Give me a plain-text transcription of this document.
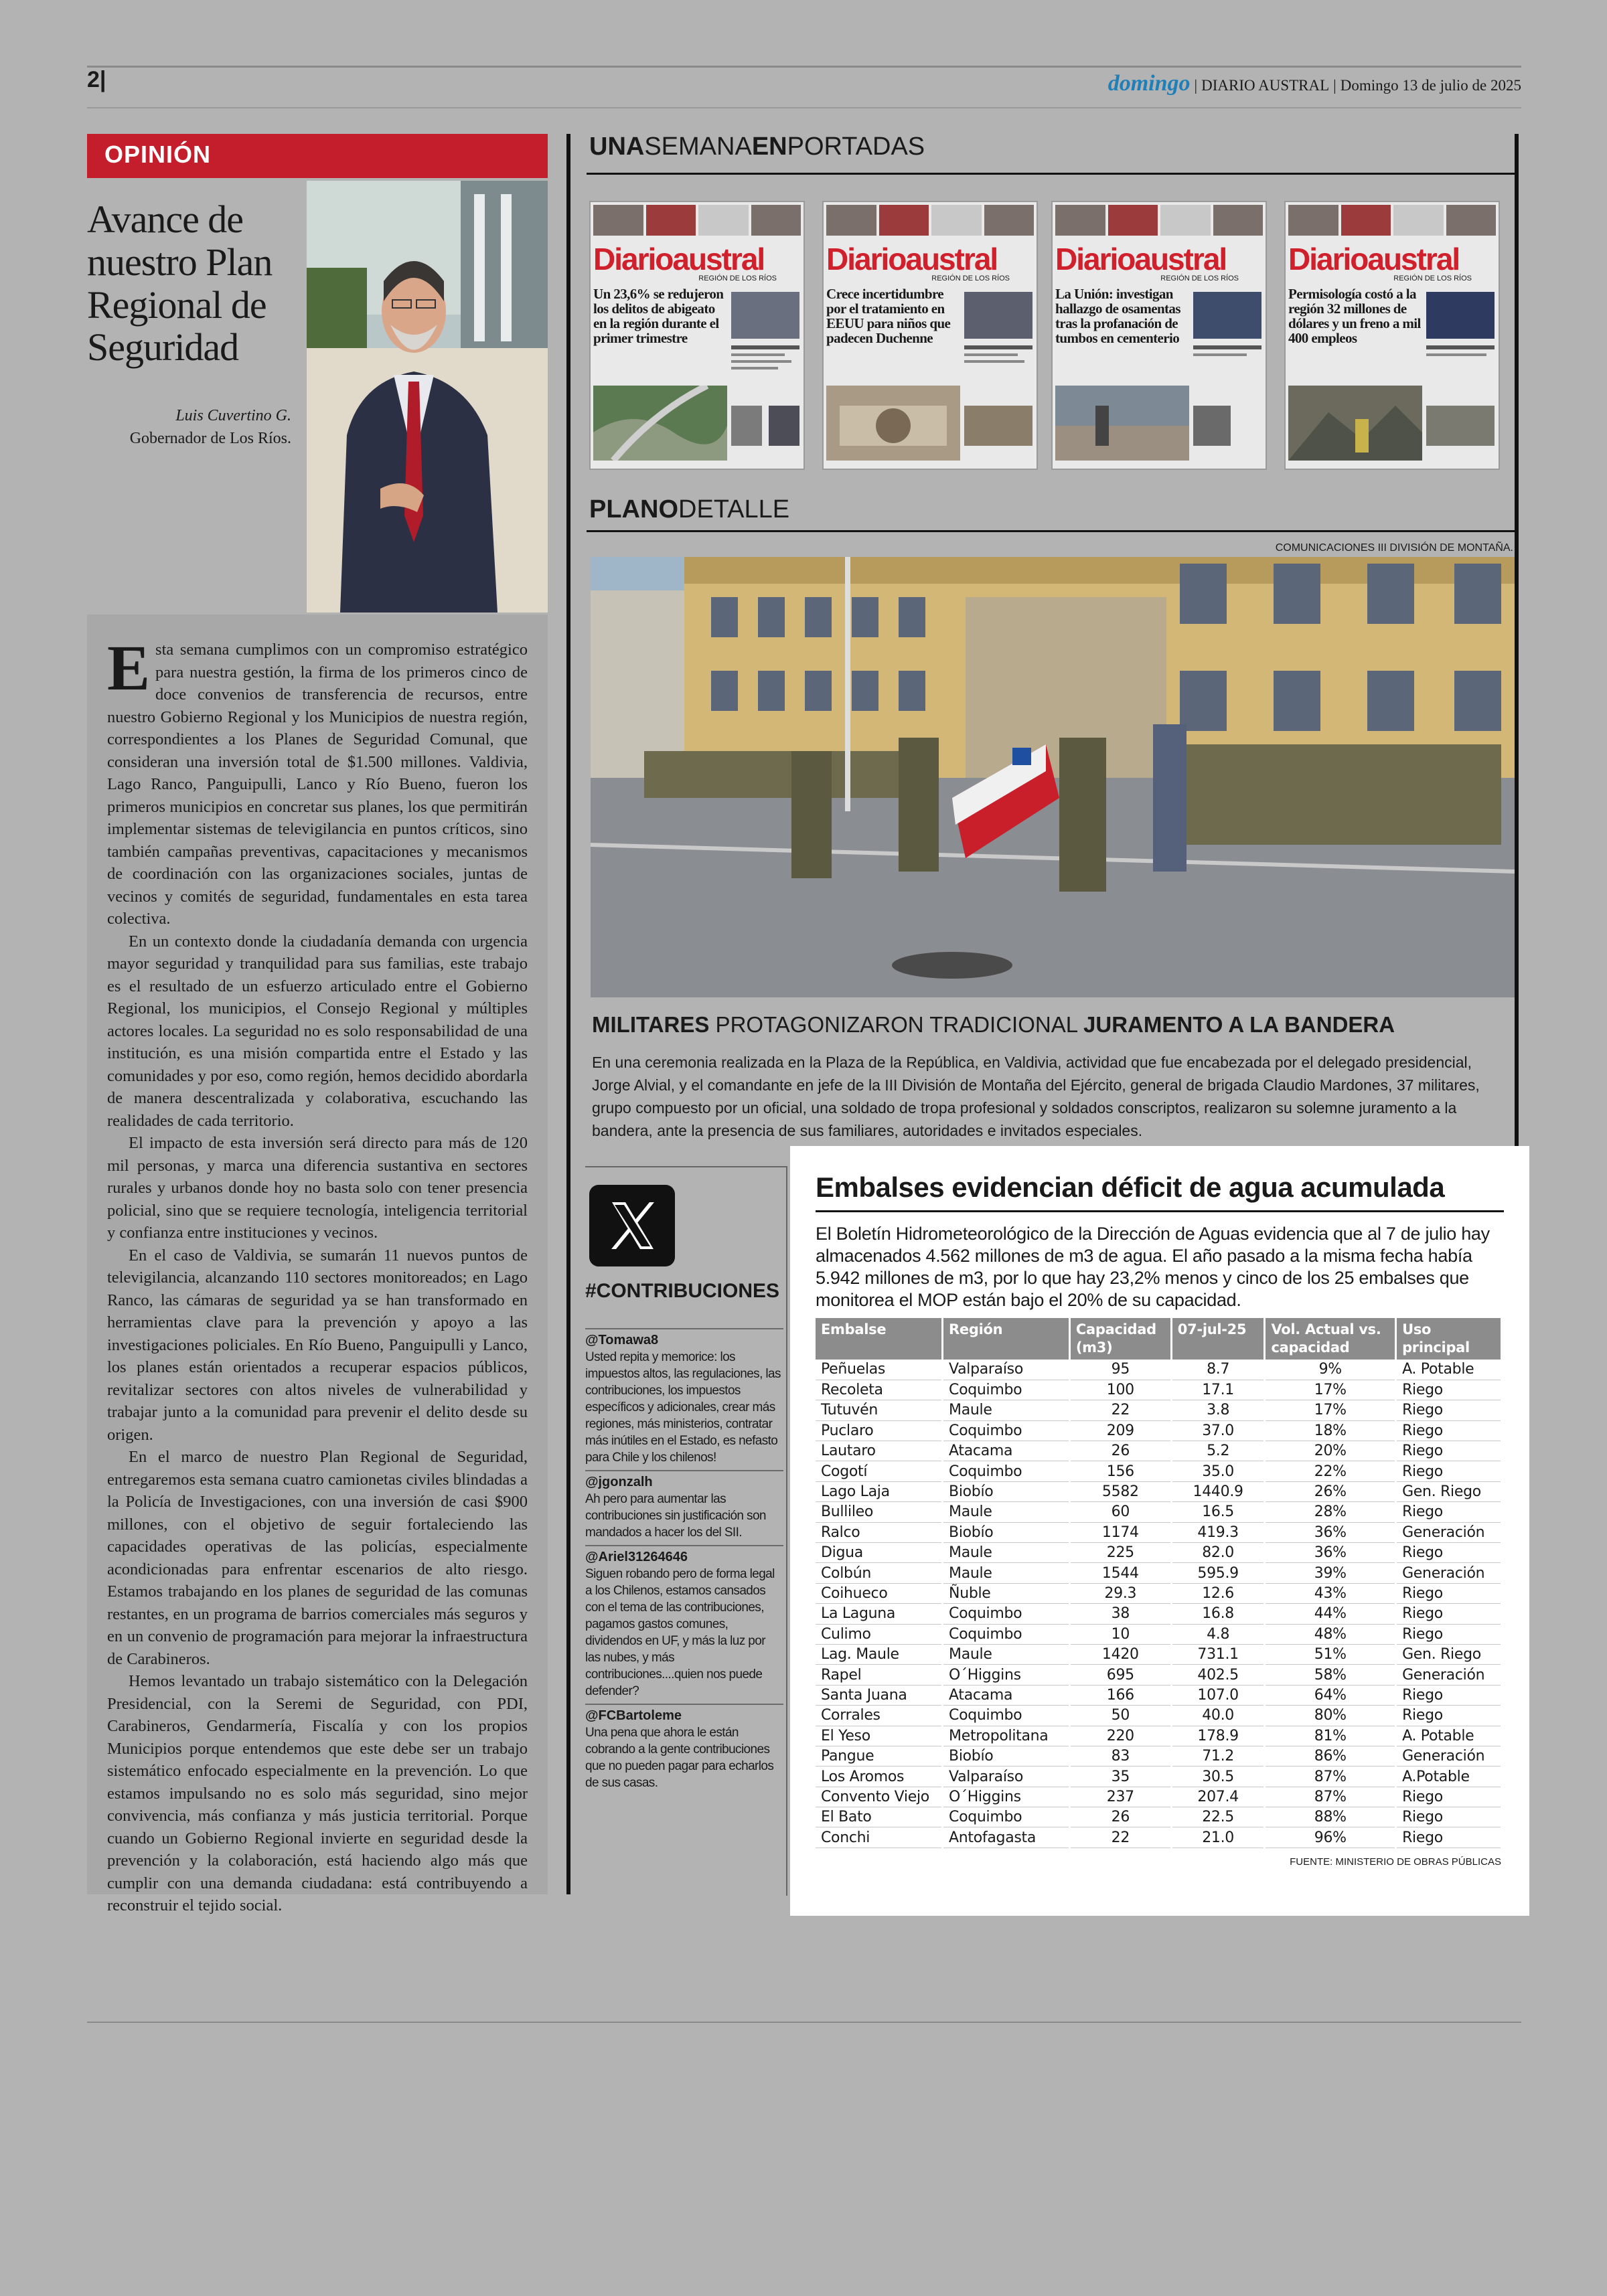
2|	domingo | DIARIO AUSTRAL | Domingo 13 de julio de 2025
OPINIÓN
Avance de nuestro Plan Regional de Seguridad
Luis Cuvertino G.
Gobernador de Los Ríos.

Esta semana cumplimos con un compromiso estratégico para nuestra gestión, la firma de los primeros cinco de doce convenios de transferencia de recursos, entre nuestro Gobierno Regional y los Municipios de nuestra región, correspondientes a los Planes de Seguridad Comunal, que consideran una inversión total de $1.500 millones. Valdivia, Lago Ranco, Panguipulli, Lanco y Río Bueno, fueron los primeros municipios en concretar sus planes, los que permitirán implementar sistemas de televigilancia en puntos críticos, sino también campañas preventivas, capacitaciones y mecanismos de coordinación con las organizaciones sociales, juntas de vecinos y comités de seguridad, fundamentales en esta tarea colectiva.

En un contexto donde la ciudadanía demanda con urgencia mayor seguridad y tranquilidad para sus familias, este trabajo es el resultado de un esfuerzo articulado entre el Gobierno Regional, los municipios, el Consejo Regional y múltiples actores locales. La seguridad no es solo responsabilidad de una institución, es una misión compartida entre el Estado y las comunidades y por eso, como región, hemos decidido abordarla de manera descentralizada y colaborativa, escuchando las realidades de cada territorio.

El impacto de esta inversión será directo para más de 120 mil personas, y marca una diferencia sustantiva en sectores rurales y urbanos donde hoy no basta solo con tener presencia policial, sino que se requiere tecnología, inteligencia territorial y confianza entre instituciones y vecinos.

En el caso de Valdivia, se sumarán 11 nuevos puntos de televigilancia, alcanzando 110 sectores monitoreados; en Lago Ranco, las cámaras de seguridad ya se han transformado en herramientas clave para la prevención y apoyo a las investigaciones policiales. En Río Bueno, Panguipulli y Lanco, los planes están orientados a recuperar espacios públicos, revitalizar sectores con altos niveles de vulnerabilidad y trabajar junto a la comunidad para prevenir el delito desde su origen.

En el marco de nuestro Plan Regional de Seguridad, entregaremos esta semana cuatro camionetas civiles blindadas a la Policía de Investigaciones, con una inversión de casi $900 millones, con el objetivo de seguir fortaleciendo las capacidades operativas de las policías, especialmente acondicionadas para enfrentar escenarios de alto riesgo. Estamos trabajando en los planes de seguridad de las comunas restantes, en un programa de barrios comerciales más seguros y en un convenio de programación para mejorar la infraestructura de Carabineros.

Hemos levantado un trabajo sistemático con la Delegación Presidencial, con la Seremi de Seguridad, con PDI, Carabineros, Gendarmería, Fiscalía y con los propios Municipios porque entendemos que este debe ser un trabajo sistemático enfocado especialmente en la prevención. Lo que estamos impulsando no es solo más seguridad, sino mejor convivencia, más confianza y más justicia territorial. Porque cuando un Gobierno Regional invierte en seguridad desde la prevención y la colaboración, está haciendo algo más que cumplir con una demanda ciudadana: está contribuyendo a reconstruir el tejido social.

UNASEMANAENPORTADAS
Diarioaustral
REGIÓN DE LOS RÍOS
Un 23,6% se redujeron los delitos de abigeato en la región durante el primer trimestre
Diarioaustral
REGIÓN DE LOS RÍOS
Crece incertidumbre por el tratamiento en EEUU para niños que padecen Duchenne
Diarioaustral
REGIÓN DE LOS RÍOS
La Unión: investigan hallazgo de osamentas tras la profanación de tumbos en cementerio
Diarioaustral
REGIÓN DE LOS RÍOS
Permisología costó a la región 32 millones de dólares y un freno a mil 400 empleos
PLANODETALLE
COMUNICACIONES III DIVISIÓN DE MONTAÑA.
MILITARES PROTAGONIZARON TRADICIONAL JURAMENTO A LA BANDERA
En una ceremonia realizada en la Plaza de la República, en Valdivia, actividad que fue encabezada por el delegado presidencial, Jorge Alvial, y el comandante en jefe de la III División de Montaña del Ejército, general de brigada Claudio Mardones, 37 militares, grupo compuesto por un oficial, una soldado de tropa profesional y soldados conscriptos, realizaron su solemne juramento a la bandera, ante la presencia de sus familiares, autoridades e invitados especiales.
#CONTRIBUCIONES
@Tomawa8
Usted repita y memorice: los impuestos altos, las regulaciones, las contribuciones, los impuestos específicos y adicionales, crear más regiones, más ministerios, contratar más inútiles en el Estado, es nefasto para Chile y los chilenos!
@jgonzalh
Ah pero para aumentar las contribuciones sin justificación son mandados a hacer los del SII.
@Ariel31264646
Siguen robando pero de forma legal a los Chilenos, estamos cansados con el tema de las contribuciones, pagamos gastos comunes, dividendos en UF, y más la luz por las nubes, y más contribuciones....quien nos puede defender?
@FCBartoleme
Una pena que ahora le están cobrando a la gente contribuciones que no pueden pagar para echarlos de sus casas.
Embalses evidencian déficit de agua acumulada
El Boletín Hidrometeorológico de la Dirección de Aguas evidencia que al 7 de julio hay almacenados 4.562 millones de m3 de agua. El año pasado a la misma fecha había 5.942 millones de m3, por lo que hay 23,2% menos y cinco de los 25 embalses que monitorea el MOP están bajo el 20% de su capacidad.
Embalse	Región	Capacidad (m3)	07-jul-25	Vol. Actual vs. capacidad	Uso principal
Peñuelas	Valparaíso	95	8.7	9%	A. Potable
Recoleta	Coquimbo	100	17.1	17%	Riego
Tutuvén	Maule	22	3.8	17%	Riego
Puclaro	Coquimbo	209	37.0	18%	Riego
Lautaro	Atacama	26	5.2	20%	Riego
Cogotí	Coquimbo	156	35.0	22%	Riego
Lago Laja	Biobío	5582	1440.9	26%	Gen. Riego
Bullileo	Maule	60	16.5	28%	Riego
Ralco	Biobío	1174	419.3	36%	Generación
Digua	Maule	225	82.0	36%	Riego
Colbún	Maule	1544	595.9	39%	Generación
Coihueco	Ñuble	29.3	12.6	43%	Riego
La Laguna	Coquimbo	38	16.8	44%	Riego
Culimo	Coquimbo	10	4.8	48%	Riego
Lag. Maule	Maule	1420	731.1	51%	Gen. Riego
Rapel	O´Higgins	695	402.5	58%	Generación
Santa Juana	Atacama	166	107.0	64%	Riego
Corrales	Coquimbo	50	40.0	80%	Riego
El Yeso	Metropolitana	220	178.9	81%	A. Potable
Pangue	Biobío	83	71.2	86%	Generación
Los Aromos	Valparaíso	35	30.5	87%	A.Potable
Convento Viejo	O´Higgins	237	207.4	87%	Riego
El Bato	Coquimbo	26	22.5	88%	Riego
Conchi	Antofagasta	22	21.0	96%	Riego
FUENTE: MINISTERIO DE OBRAS PÚBLICAS
